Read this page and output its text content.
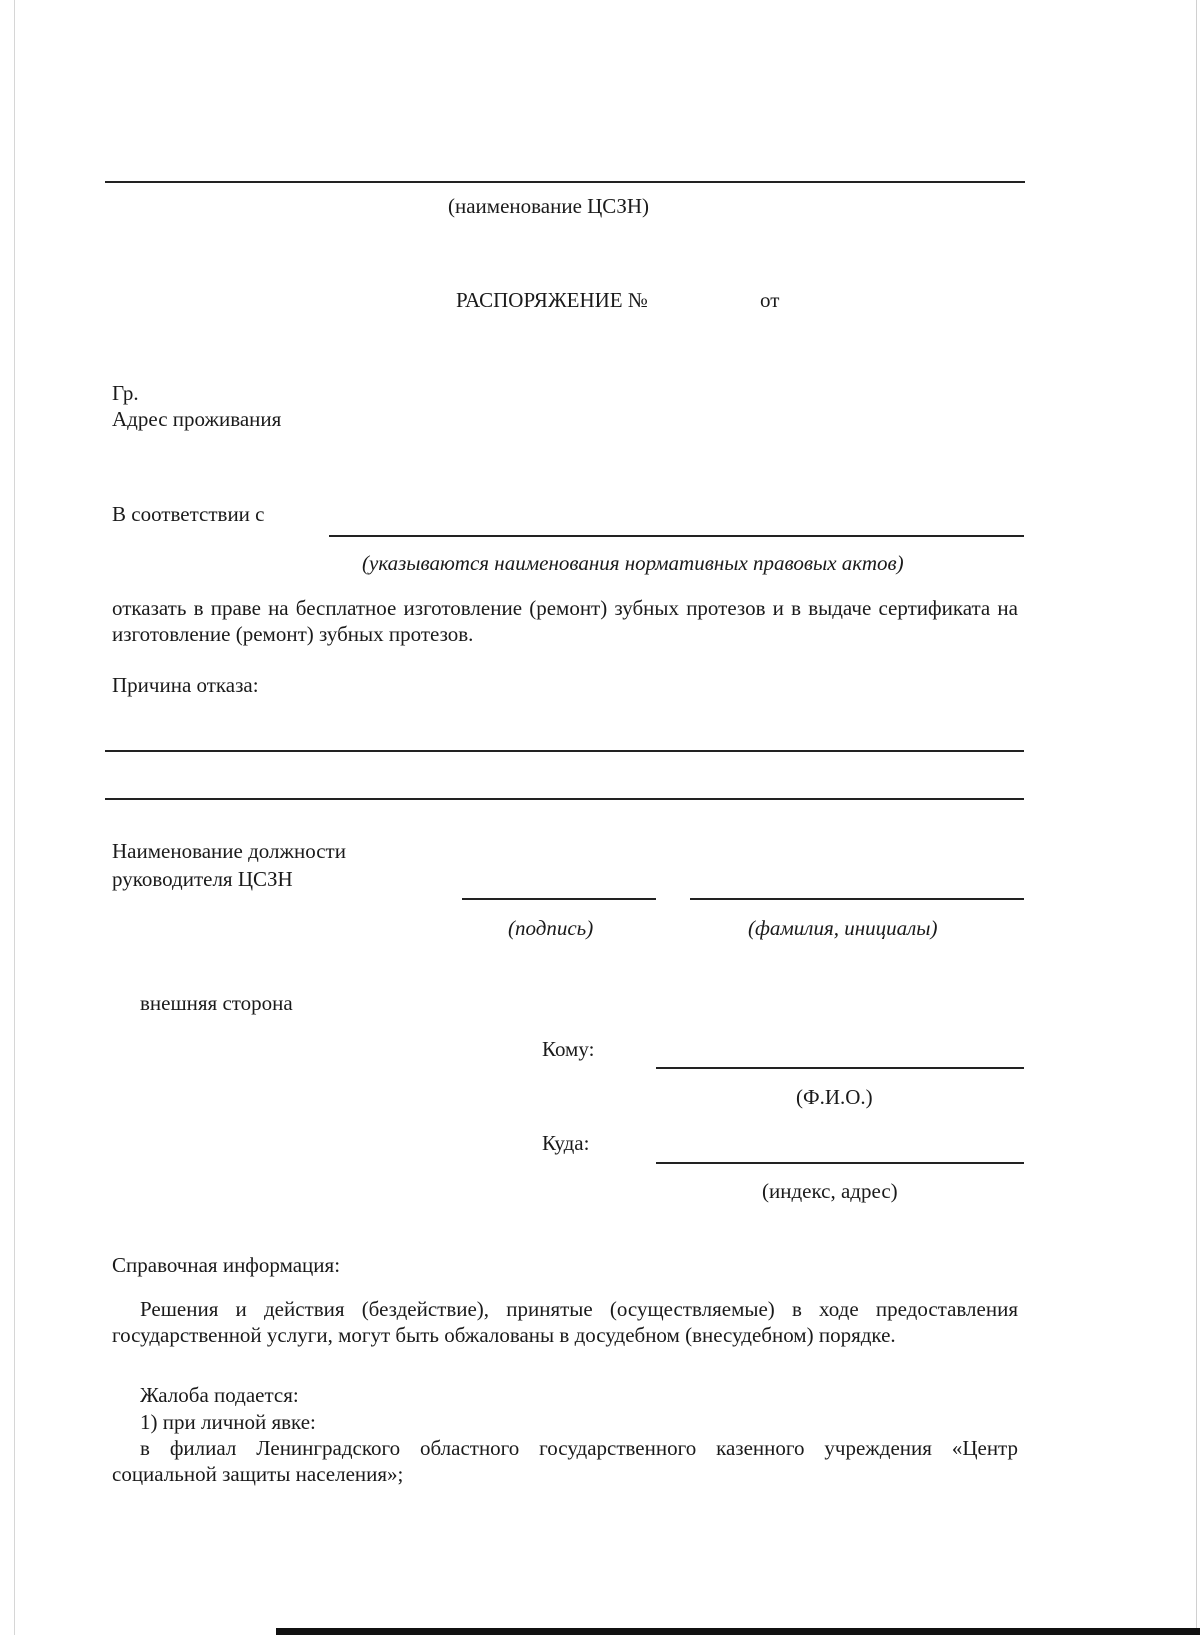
(наименование ЦСЗН)
РАСПОРЯЖЕНИЕ №	от
Гр.
Адрес проживания
В соответствии с
(указываются наименования нормативных правовых актов)
отказать в праве на бесплатное изготовление (ремонт) зубных протезов и в выдаче сертификата на изготовление (ремонт) зубных протезов.
Причина отказа:
Наименование должности
руководителя ЦСЗН
(подпись)	(фамилия, инициалы)
внешняя сторона
Кому:
(Ф.И.О.)
Куда:
(индекс, адрес)
Справочная информация:
Решения и действия (бездействие), принятые (осуществляемые) в ходе предоставления государственной услуги, могут быть обжалованы в досудебном (внесудебном) порядке.
Жалоба подается:
1) при личной явке:
в филиал Ленинградского областного государственного казенного учреждения «Центр социальной защиты населения»;
